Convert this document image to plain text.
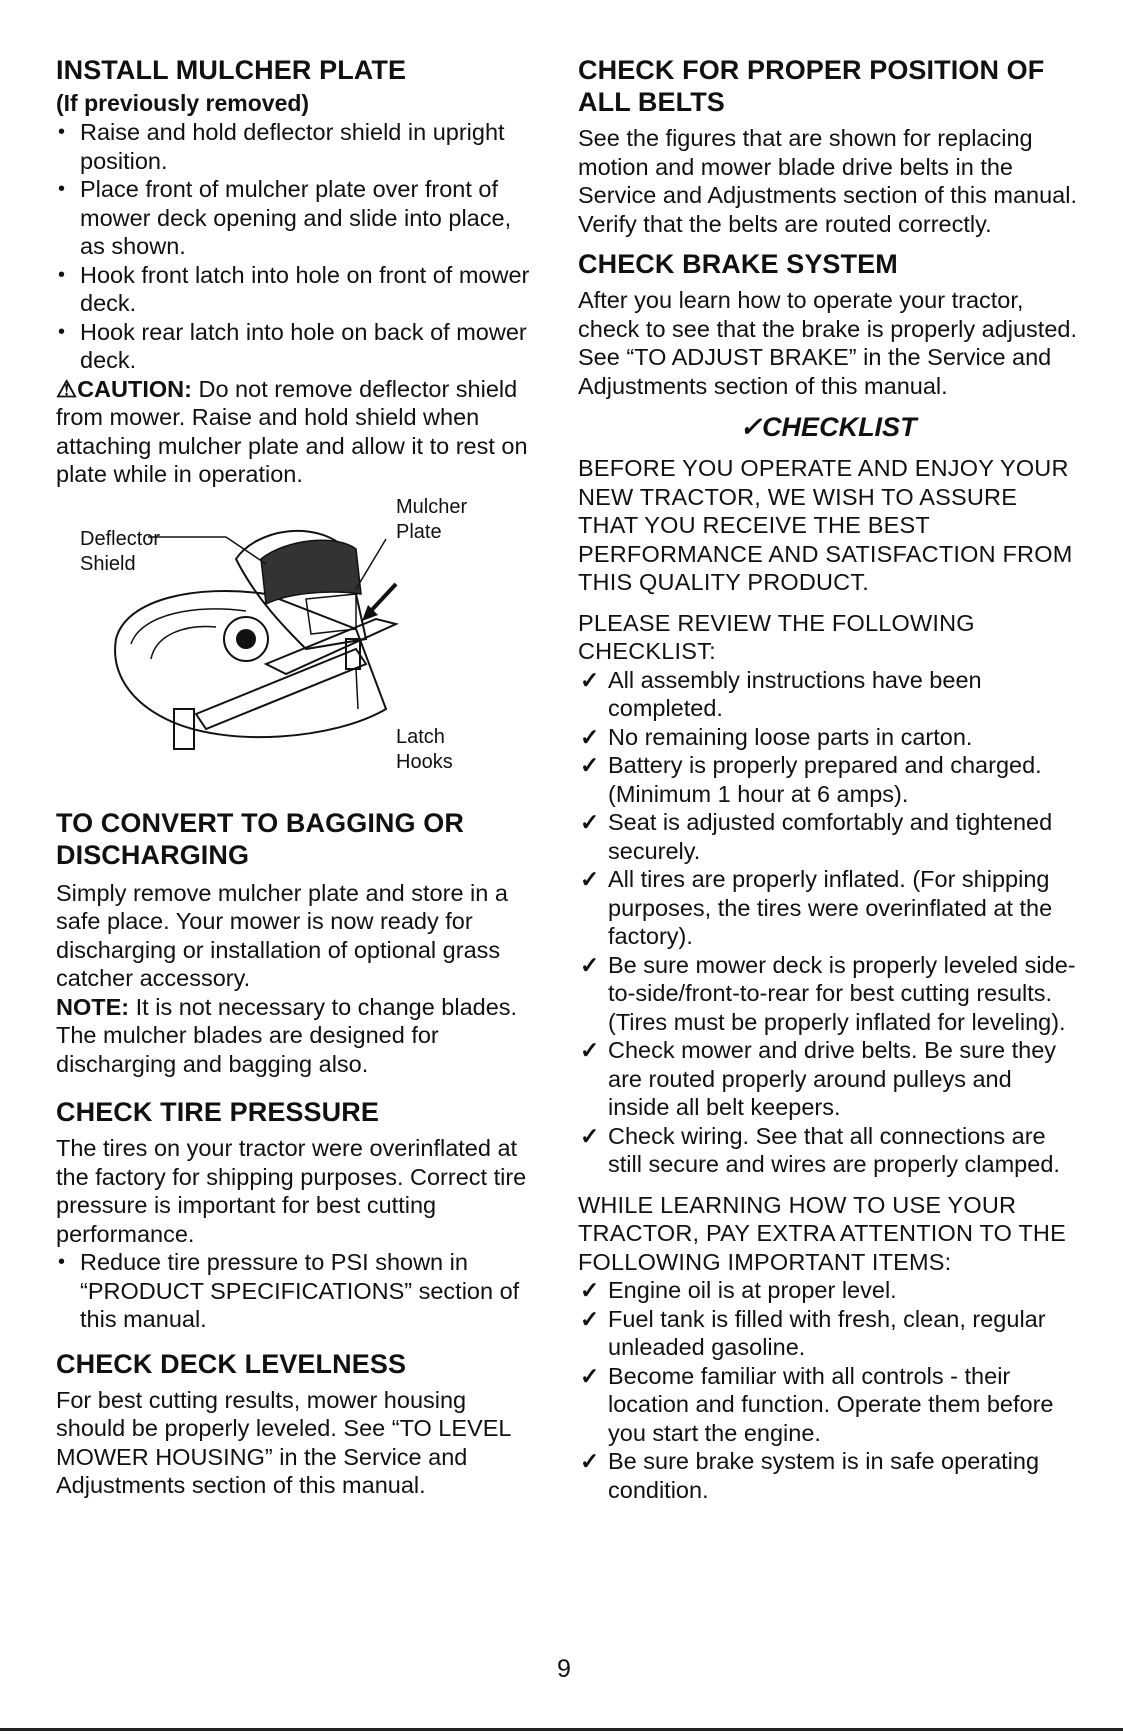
INSTALL MULCHER PLATE
(If previously removed)
• Raise and hold deflector shield in upright position.
• Place front of mulcher plate over front of mower deck opening and slide into place, as shown.
• Hook front latch into hole on front of mower deck.
• Hook rear latch into hole on back of mower deck.

⚠CAUTION: Do not remove deflector shield from mower. Raise and hold shield when attaching mulcher plate and allow it to rest on plate while in operation.

Deflector Shield
Mulcher Plate
Latch Hooks
TO CONVERT TO BAGGING OR DISCHARGING

Simply remove mulcher plate and store in a safe place. Your mower is now ready for discharging or installation of optional grass catcher accessory.

NOTE: It is not necessary to change blades. The mulcher blades are designed for discharging and bagging also.

CHECK TIRE PRESSURE

The tires on your tractor were overinflated at the factory for shipping purposes. Correct tire pressure is important for best cutting performance.

• Reduce tire pressure to PSI shown in “PRODUCT SPECIFICATIONS” section of this manual.
CHECK DECK LEVELNESS

For best cutting results, mower housing should be properly leveled. See “TO LEVEL MOWER HOUSING” in the Service and Adjustments section of this manual.

CHECK FOR PROPER POSITION OF ALL BELTS

See the figures that are shown for replacing motion and mower blade drive belts in the Service and Adjustments section of this manual. Verify that the belts are routed correctly.

CHECK BRAKE SYSTEM

After you learn how to operate your tractor, check to see that the brake is properly adjusted. See “TO ADJUST BRAKE” in the Service and Adjustments section of this manual.

✓CHECKLIST

BEFORE YOU OPERATE AND ENJOY YOUR NEW TRACTOR, WE WISH TO ASSURE THAT YOU RECEIVE THE BEST PERFORMANCE AND SATISFACTION FROM THIS QUALITY PRODUCT.

PLEASE REVIEW THE FOLLOWING CHECKLIST:

✓ All assembly instructions have been completed.
✓ No remaining loose parts in carton.
✓ Battery is properly prepared and charged. (Minimum 1 hour at 6 amps).
✓ Seat is adjusted comfortably and tightened securely.
✓ All tires are properly inflated. (For shipping purposes, the tires were overinflated at the factory).
✓ Be sure mower deck is properly leveled side-to-side/front-to-rear for best cutting results. (Tires must be properly inflated for leveling).
✓ Check mower and drive belts. Be sure they are routed properly around pulleys and inside all belt keepers.
✓ Check wiring. See that all connections are still secure and wires are properly clamped.

WHILE LEARNING HOW TO USE YOUR TRACTOR, PAY EXTRA ATTENTION TO THE FOLLOWING IMPORTANT ITEMS:

✓ Engine oil is at proper level.
✓ Fuel tank is filled with fresh, clean, regular unleaded gasoline.
✓ Become familiar with all controls - their location and function. Operate them before you start the engine.
✓ Be sure brake system is in safe operating condition.
9
